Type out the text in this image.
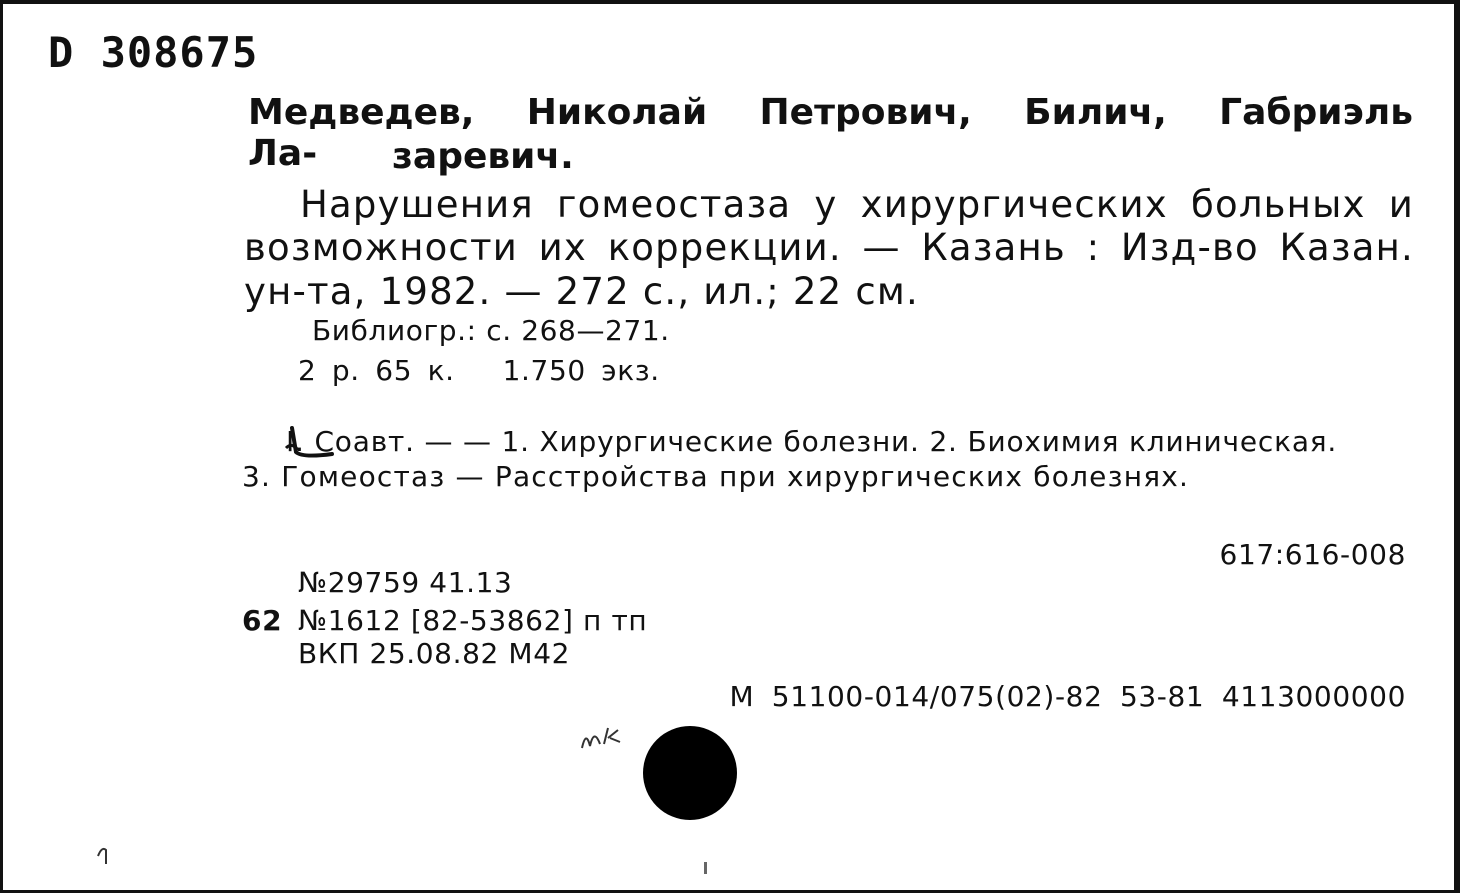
D 308675
Медведев, Николай Петрович, Билич, Габриэль Ла-	заревич.
Нарушения гомеостаза у хирургических больных и
возможности их коррекции. — Казань : Изд-во Казан.
ун-та, 1982. — 272 с., ил.; 22 см.
Библиогр.: с. 268—271.
2 р. 65 к. 1.750 экз.
I. Соавт. — — 1. Хирургические болезни. 2. Биохимия клиническая.
3. Гомеостаз — Расстройства при хирургических болезнях.
617:616-008
№29759 41.13
62 №1612 [82-53862] п тп
ВКП 25.08.82 М42
М 51100-014/075(02)-82 53-81 4113000000
